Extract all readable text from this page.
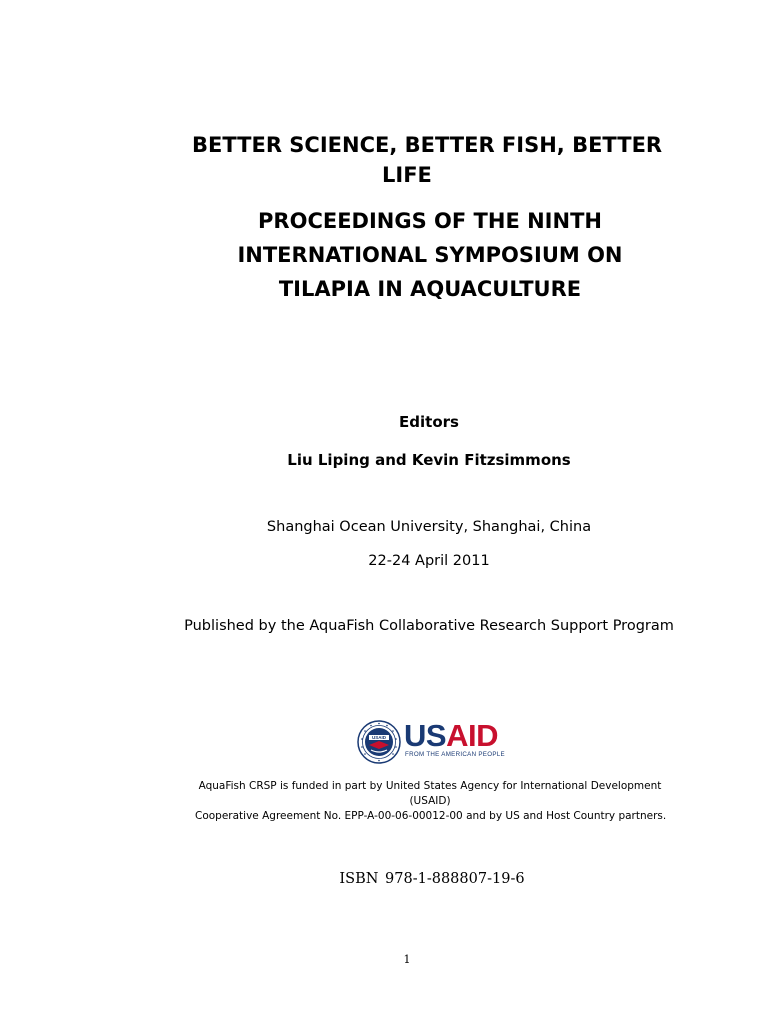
BETTER SCIENCE, BETTER FISH, BETTER
LIFE
PROCEEDINGS OF THE NINTH
INTERNATIONAL SYMPOSIUM ON
TILAPIA IN AQUACULTURE
Editors
Liu Liping and Kevin Fitzsimmons
Shanghai Ocean University, Shanghai, China
22-24 April 2011
Published by the AquaFish Collaborative Research Support Program
USAID USAID
FROM THE AMERICAN PEOPLE
AquaFish CRSP is funded in part by United States Agency for International Development
(USAID)
Cooperative Agreement No. EPP-A-00-06-00012-00 and by US and Host Country partners.
ISBN 978-1-888807-19-6
1
